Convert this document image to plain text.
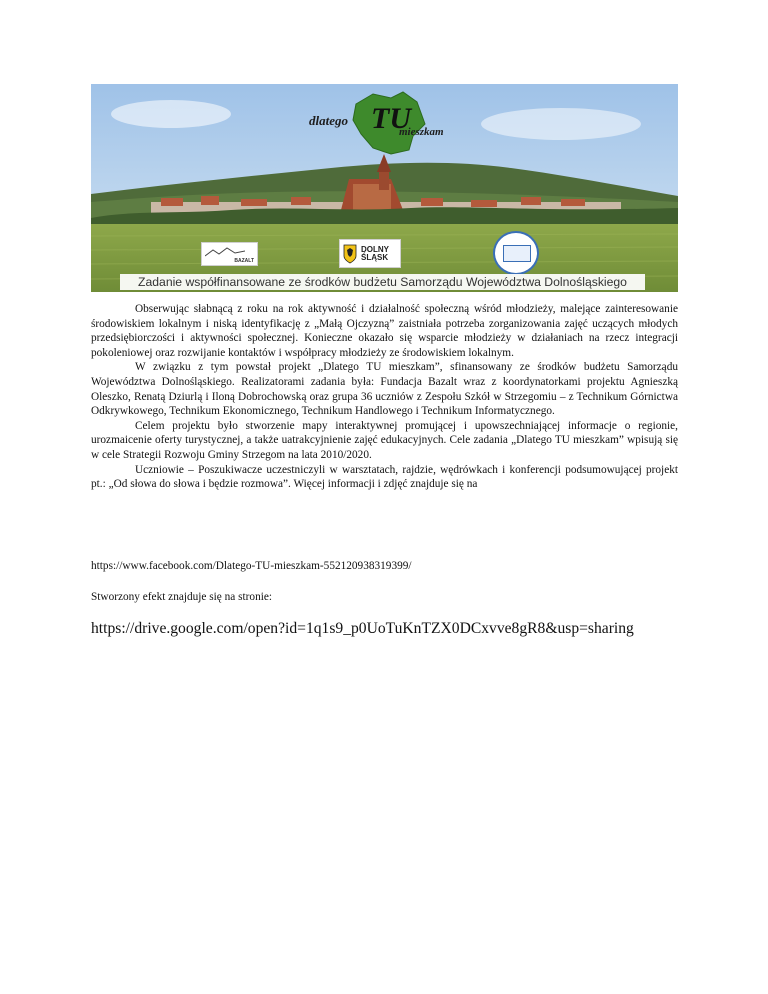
dlatego TU
mieszkam
BAZALT
DOLNY
ŚLĄSK
Zadanie współfinansowane ze środków budżetu Samorządu Województwa Dolnośląskiego

Obserwując słabnącą z roku na rok aktywność i działalność społeczną wśród młodzieży, malejące zainteresowanie środowiskiem lokalnym i niską identyfikację z „Małą Ojczyzną” zaistniała potrzeba zorganizowania zajęć uczących młodych przedsiębiorczości i aktywności społecznej. Konieczne okazało się wsparcie młodzieży w działaniach na rzecz integracji pokoleniowej oraz rozwijanie kontaktów i współpracy młodzieży ze środowiskiem lokalnym.

W związku z tym powstał projekt „Dlatego TU mieszkam”, sfinansowany ze środków budżetu Samorządu Województwa Dolnośląskiego. Realizatorami zadania była: Fundacja Bazalt wraz z koordynatorkami projektu Agnieszką Oleszko, Renatą Dziurlą i Iloną Dobrochowską oraz grupa 36 uczniów z Zespołu Szkół w Strzegomiu – z Technikum Górnictwa Odkrywkowego, Technikum Ekonomicznego, Technikum Handlowego i Technikum Informatycznego.

Celem projektu było stworzenie mapy interaktywnej promującej i upowszechniającej informacje o regionie, urozmaicenie oferty turystycznej, a także uatrakcyjnienie zajęć edukacyjnych. Cele zadania „Dlatego TU mieszkam” wpisują się w cele Strategii Rozwoju Gminy Strzegom na lata 2010/2020.

Uczniowie – Poszukiwacze uczestniczyli w warsztatach, rajdzie, wędrówkach i konferencji podsumowującej projekt pt.: „Od słowa do słowa i będzie rozmowa”. Więcej informacji i zdjęć znajduje się na

https://www.facebook.com/Dlatego-TU-mieszkam-552120938319399/
Stworzony efekt znajduje się na stronie:
https://drive.google.com/open?id=1q1s9_p0UoTuKnTZX0DCxvve8gR8&usp=sharing
